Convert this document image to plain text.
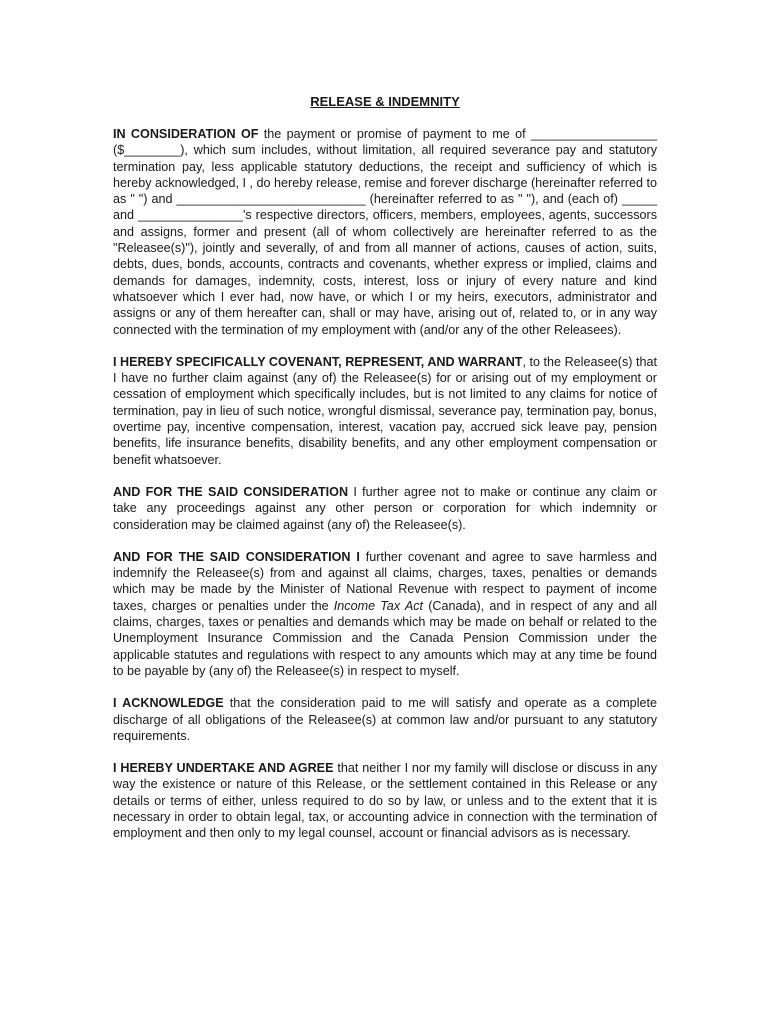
RELEASE & INDEMNITY

IN CONSIDERATION OF the payment or promise of payment to me of __________________ ($________), which sum includes, without limitation, all required severance pay and statutory termination pay, less applicable statutory deductions, the receipt and sufficiency of which is hereby acknowledged, I , do hereby release, remise and forever discharge (hereinafter referred to as " ") and ___________________________ (hereinafter referred to as " "), and (each of) _____ and _______________'s respective directors, officers, members, employees, agents, successors and assigns, former and present (all of whom collectively are hereinafter referred to as the "Releasee(s)"), jointly and severally, of and from all manner of actions, causes of action, suits, debts, dues, bonds, accounts, contracts and covenants, whether express or implied, claims and demands for damages, indemnity, costs, interest, loss or injury of every nature and kind whatsoever which I ever had, now have, or which I or my heirs, executors, administrator and assigns or any of them hereafter can, shall or may have, arising out of, related to, or in any way connected with the termination of my employment with (and/or any of the other Releasees).

I HEREBY SPECIFICALLY COVENANT, REPRESENT, AND WARRANT, to the Releasee(s) that I have no further claim against (any of) the Releasee(s) for or arising out of my employment or cessation of employment which specifically includes, but is not limited to any claims for notice of termination, pay in lieu of such notice, wrongful dismissal, severance pay, termination pay, bonus, overtime pay, incentive compensation, interest, vacation pay, accrued sick leave pay, pension benefits, life insurance benefits, disability benefits, and any other employment compensation or benefit whatsoever.

AND FOR THE SAID CONSIDERATION I further agree not to make or continue any claim or take any proceedings against any other person or corporation for which indemnity or consideration may be claimed against (any of) the Releasee(s).

AND FOR THE SAID CONSIDERATION I further covenant and agree to save harmless and indemnify the Releasee(s) from and against all claims, charges, taxes, penalties or demands which may be made by the Minister of National Revenue with respect to payment of income taxes, charges or penalties under the Income Tax Act (Canada), and in respect of any and all claims, charges, taxes or penalties and demands which may be made on behalf or related to the Unemployment Insurance Commission and the Canada Pension Commission under the applicable statutes and regulations with respect to any amounts which may at any time be found to be payable by (any of) the Releasee(s) in respect to myself.

I ACKNOWLEDGE that the consideration paid to me will satisfy and operate as a complete discharge of all obligations of the Releasee(s) at common law and/or pursuant to any statutory requirements.

I HEREBY UNDERTAKE AND AGREE that neither I nor my family will disclose or discuss in any way the existence or nature of this Release, or the settlement contained in this Release or any details or terms of either, unless required to do so by law, or unless and to the extent that it is necessary in order to obtain legal, tax, or accounting advice in connection with the termination of employment and then only to my legal counsel, account or financial advisors as is necessary.
